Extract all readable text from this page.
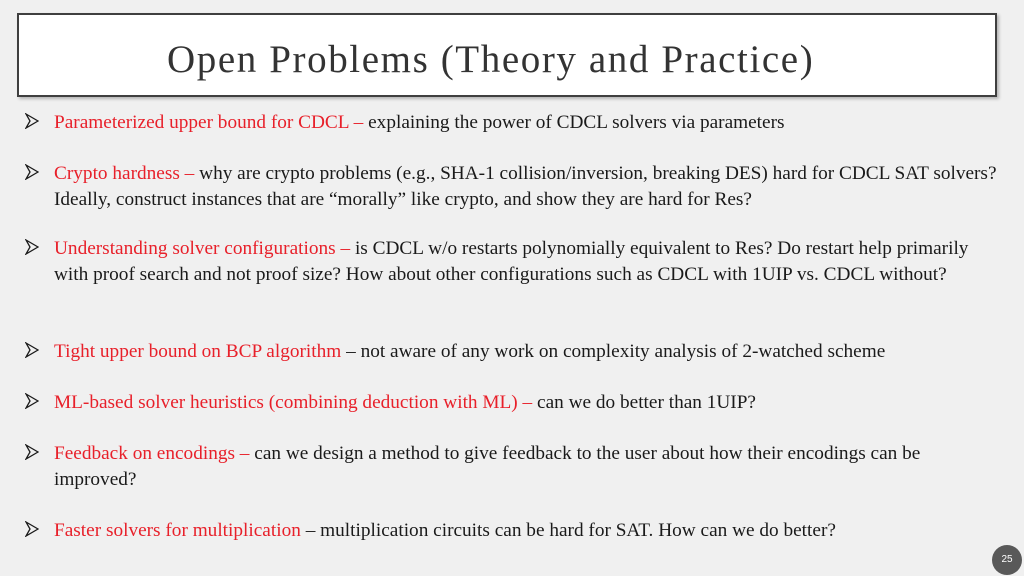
Open Problems (Theory and Practice)
Parameterized upper bound for CDCL – explaining the power of CDCL solvers via parameters
Crypto hardness – why are crypto problems (e.g., SHA-1 collision/inversion, breaking DES) hard for CDCL SAT solvers? Ideally, construct instances that are “morally” like crypto, and show they are hard for Res?
Understanding solver configurations – is CDCL w/o restarts polynomially equivalent to Res? Do restart help primarily with proof search and not proof size? How about other configurations such as CDCL with 1UIP vs. CDCL without?
Tight upper bound on BCP algorithm – not aware of any work on complexity analysis of 2-watched scheme
ML-based solver heuristics (combining deduction with ML) – can we do better than 1UIP?
Feedback on encodings – can we design a method to give feedback to the user about how their encodings can be improved?
Faster solvers for multiplication – multiplication circuits can be hard for SAT. How can we do better?
25
